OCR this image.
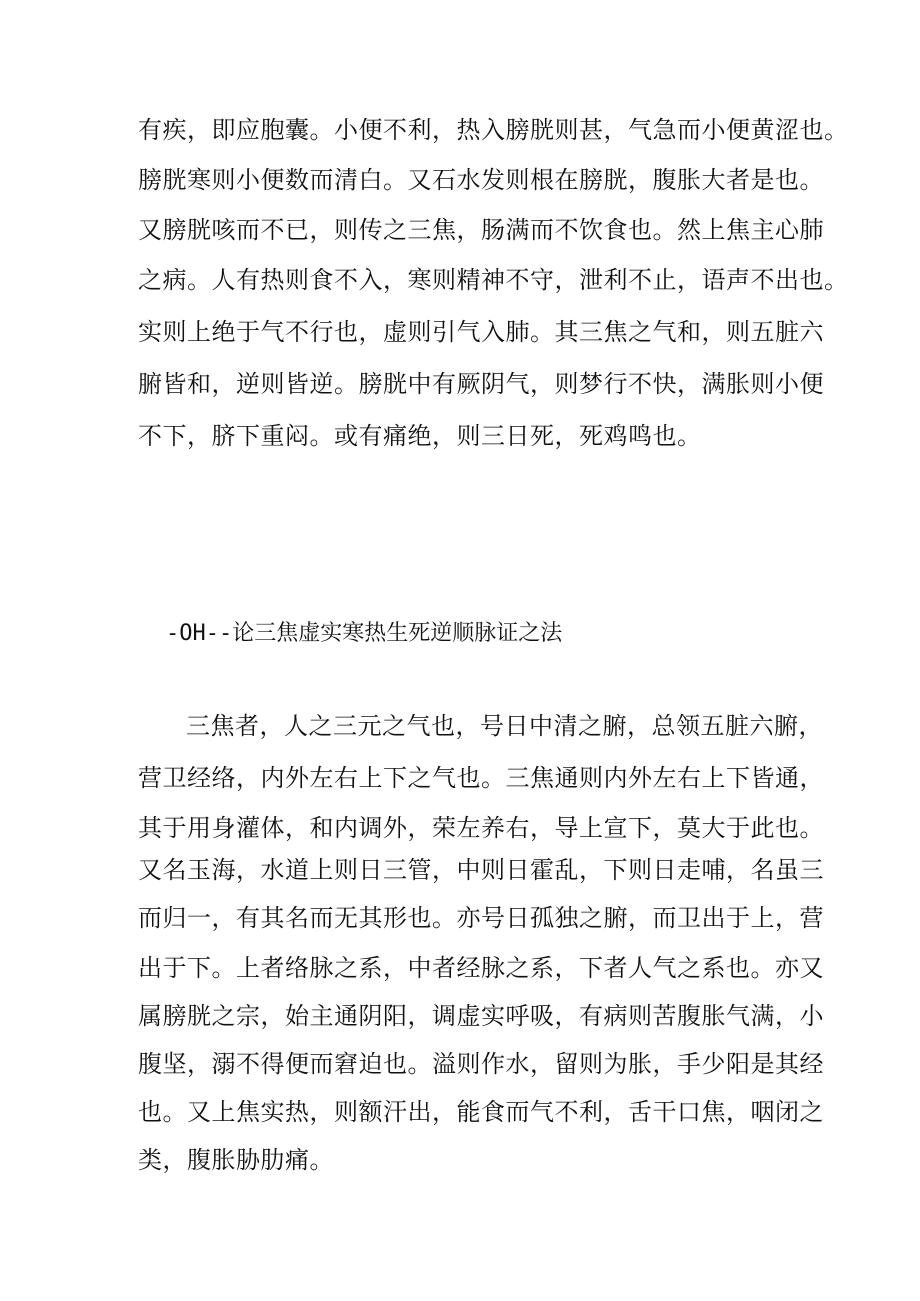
有疾，即应胞囊。小便不利，热入膀胱则甚，气急而小便黄涩也。
膀胱寒则小便数而清白。又石水发则根在膀胱，腹胀大者是也。
又膀胱咳而不已，则传之三焦，肠满而不饮食也。然上焦主心肺
之病。人有热则食不入，寒则精神不守，泄利不止，语声不出也。
实则上绝于气不行也，虚则引气入肺。其三焦之气和，则五脏六
腑皆和，逆则皆逆。膀胱中有厥阴气，则梦行不快，满胀则小便
不下，脐下重闷。或有痛绝，则三日死，死鸡鸣也。
-OH--论三焦虚实寒热生死逆顺脉证之法
三焦者，人之三元之气也，号日中清之腑，总领五脏六腑，
营卫经络，内外左右上下之气也。三焦通则内外左右上下皆通，
其于用身灌体，和内调外，荣左养右，导上宣下，莫大于此也。
又名玉海，水道上则日三管，中则日霍乱，下则日走哺，名虽三
而归一，有其名而无其形也。亦号日孤独之腑，而卫出于上，营
出于下。上者络脉之系，中者经脉之系，下者人气之系也。亦又
属膀胱之宗，始主通阴阳，调虚实呼吸，有病则苦腹胀气满，小
腹坚，溺不得便而窘迫也。溢则作水，留则为胀，手少阳是其经
也。又上焦实热，则额汗出，能食而气不利，舌干口焦，咽闭之
类，腹胀胁肋痛。
